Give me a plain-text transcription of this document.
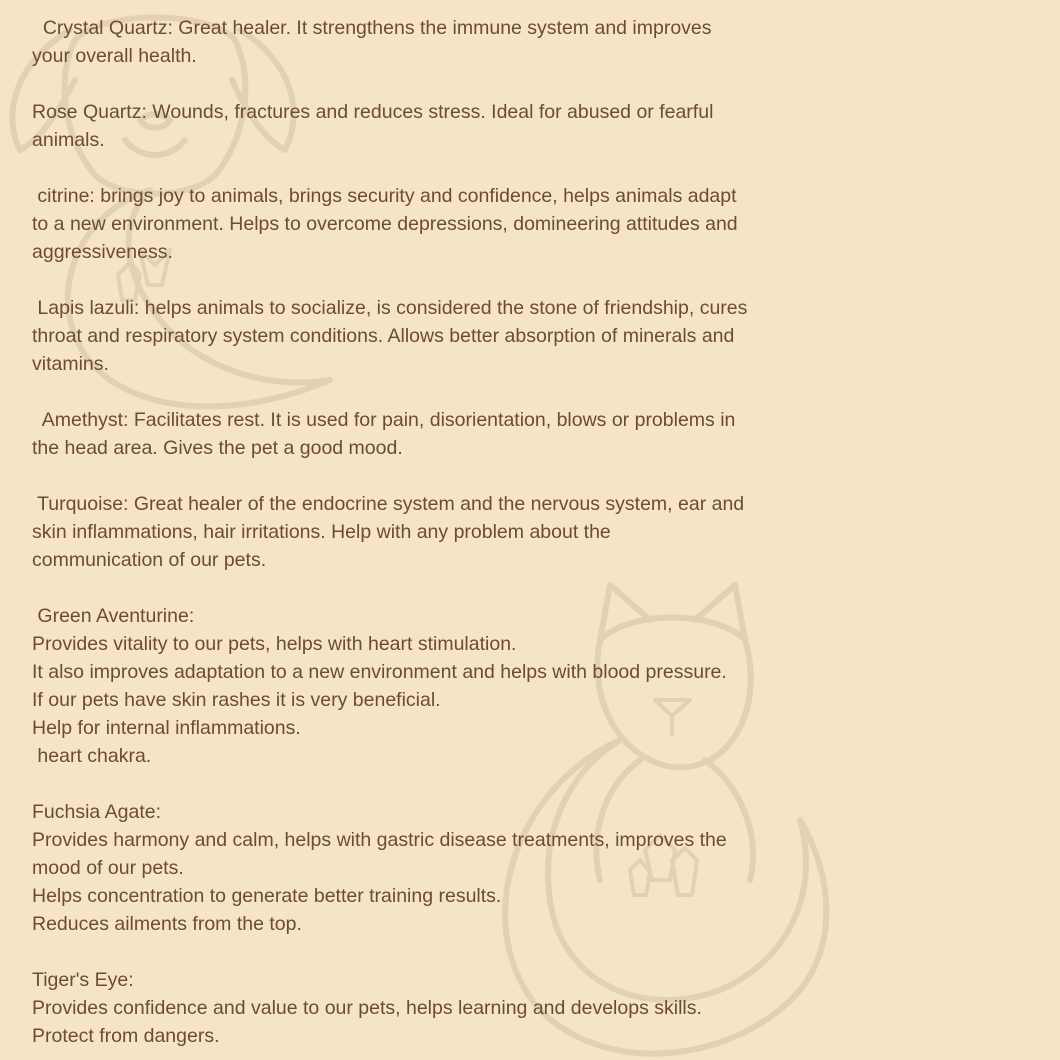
Crystal Quartz: Great healer. It strengthens the immune system and improves
your overall health.
Rose Quartz: Wounds, fractures and reduces stress. Ideal for abused or fearful
animals.
citrine: brings joy to animals, brings security and confidence, helps animals adapt
to a new environment. Helps to overcome depressions, domineering attitudes and
aggressiveness.
Lapis lazuli: helps animals to socialize, is considered the stone of friendship, cures
throat and respiratory system conditions. Allows better absorption of minerals and
vitamins.
Amethyst: Facilitates rest. It is used for pain, disorientation, blows or problems in
the head area. Gives the pet a good mood.
Turquoise: Great healer of the endocrine system and the nervous system, ear and
skin inflammations, hair irritations. Help with any problem about the
communication of our pets.
Green Aventurine:
Provides vitality to our pets, helps with heart stimulation.
It also improves adaptation to a new environment and helps with blood pressure.
If our pets have skin rashes it is very beneficial.
Help for internal inflammations.
heart chakra.
Fuchsia Agate:
Provides harmony and calm, helps with gastric disease treatments, improves the
mood of our pets.
Helps concentration to generate better training results.
Reduces ailments from the top.
Tiger's Eye:
Provides confidence and value to our pets, helps learning and develops skills.
Protect from dangers.
